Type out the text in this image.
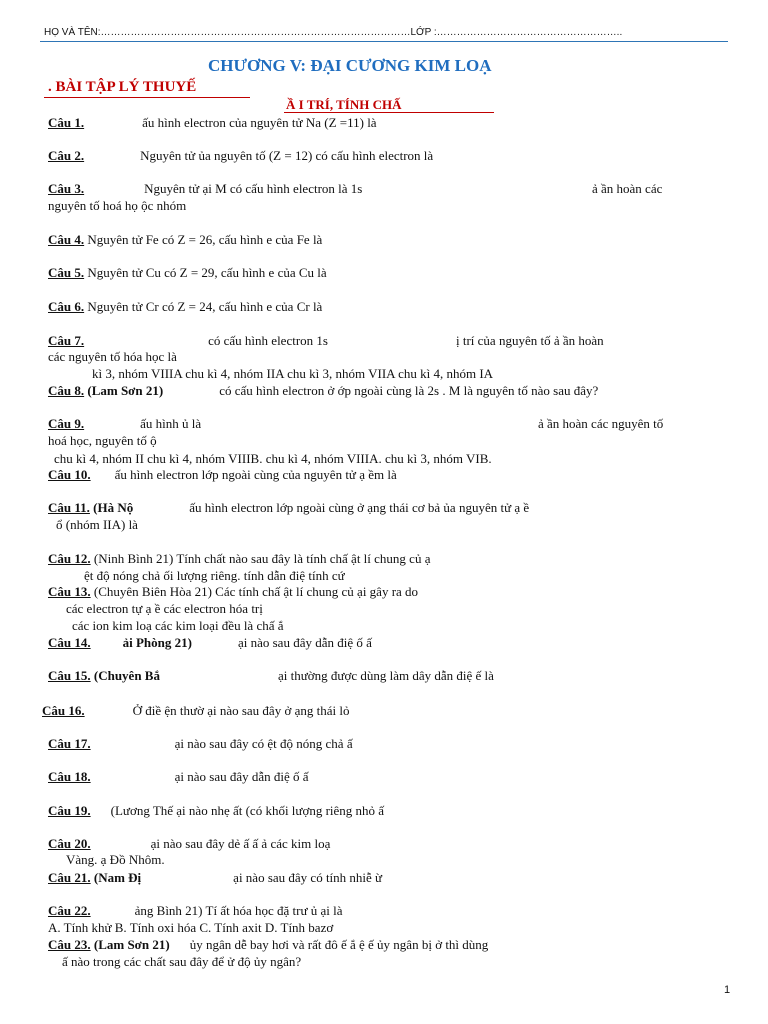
HỌ VÀ TÊN:…………………………………………………………………………………LỚP :………………………………………………..
CHƯƠNG V: ĐẠI CƯƠNG KIM LOẠ
. BÀI TẬP LÝ THUYẾ
Ầ I TRÍ, TÍNH CHẤ
Câu 1.	ấu hình electron của nguyên tử Na (Z =11) là
Câu 2.	Nguyên tử ủa nguyên tố (Z = 12) có cấu hình electron là
Câu 3.	Nguyên tử ại M có cấu hình electron là 1s	ả ần hoàn các
nguyên tố hoá họ ộc nhóm
Câu 4. Nguyên tử Fe có Z = 26, cấu hình e của Fe là
Câu 5. Nguyên tử Cu có Z = 29, cấu hình e của Cu là
Câu 6. Nguyên tử Cr có Z = 24, cấu hình e của Cr là
Câu 7.	có cấu hình electron 1s	ị trí của nguyên tố ả ần hoàn
các nguyên tố hóa học là
kì 3, nhóm VIIIA chu kì 4, nhóm IIA chu kì 3, nhóm VIIA chu kì 4, nhóm IA
Câu 8. (Lam Sơn 21)	có cấu hình electron ở ớp ngoài cùng là 2s . M là nguyên tố nào sau đây?
Câu 9.	ấu hình ủ là	ả ần hoàn các nguyên tố
hoá học, nguyên tố ộ
chu kì 4, nhóm II chu kì 4, nhóm VIIIB. chu kì 4, nhóm VIIIA. chu kì 3, nhóm VIB.
Câu 10. ấu hình electron lớp ngoài cùng của nguyên tử ạ ềm là
Câu 11. (Hà Nộ	ấu hình electron lớp ngoài cùng ở ạng thái cơ bả ủa nguyên tử ạ ề
ổ (nhóm IIA) là
Câu 12. (Ninh Bình 21) Tính chất nào sau đây là tính chấ ật lí chung củ ạ
ệt độ nóng chả ối lượng riêng. tính dẫn điệ tính cứ
Câu 13. (Chuyên Biên Hòa 21) Các tính chấ ật lí chung củ ại gây ra do
các electron tự ạ ề các electron hóa trị
các ion kim loạ các kim loại đều là chấ ắ
Câu 14. ải Phòng 21)	ại nào sau đây dẫn điệ ố ấ
Câu 15. (Chuyên Bắ	ại thường được dùng làm dây dẫn điệ ế là
Câu 16.	Ở điề ện thườ ại nào sau đây ở ạng thái lỏ
Câu 17.	ại nào sau đây có ệt độ nóng chả ấ
Câu 18.	ại nào sau đây dẫn điệ ố ấ
Câu 19. (Lương Thế ại nào nhẹ ất (có khối lượng riêng nhỏ ấ
Câu 20.	ại nào sau đây dẻ ấ ấ ả các kim loạ
Vàng. ạ Đồ Nhôm.
Câu 21. (Nam Đị	ại nào sau đây có tính nhiễ ừ
Câu 22.	ảng Bình 21) Tí ất hóa học đặ trư ủ ại là
A. Tính khử B. Tính oxi hóa C. Tính axit D. Tính bazơ
Câu 23. (Lam Sơn 21) ủy ngân dễ bay hơi và rất đô ế ắ ệ ế ủy ngân bị ở thì dùng
ấ nào trong các chất sau đây để ử độ ủy ngân?
1
